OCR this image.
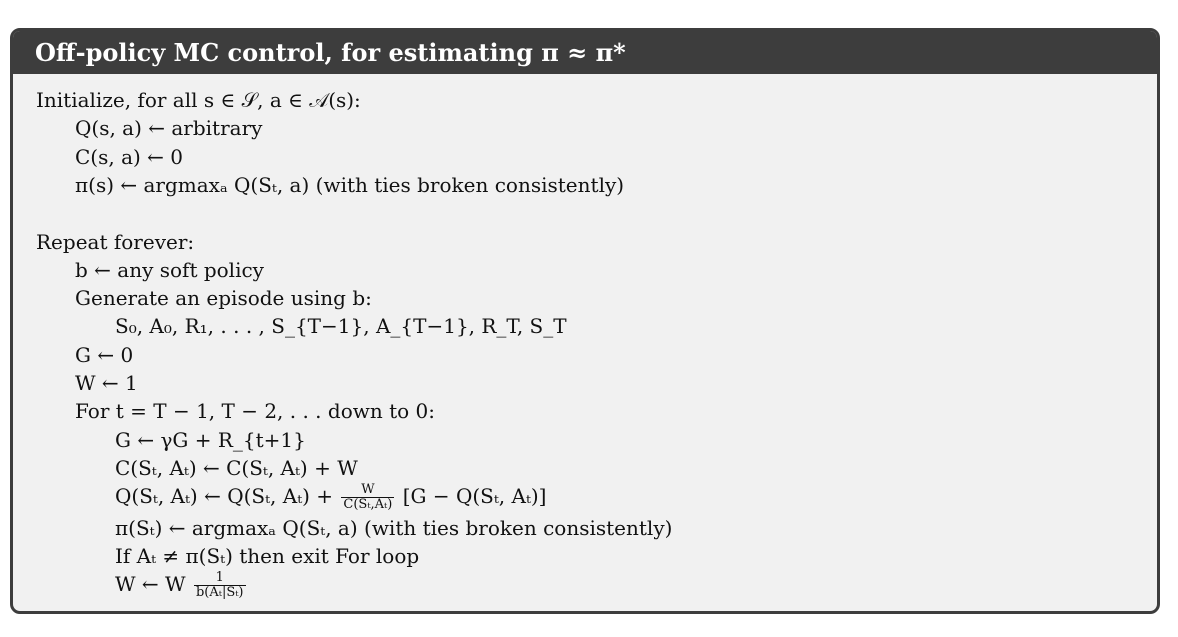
Off-policy MC control, for estimating π ≈ π*
Initialize, for all s ∈ 𝒮, a ∈ 𝒜(s):
Q(s, a) ← arbitrary
C(s, a) ← 0
π(s) ← argmaxₐ Q(Sₜ, a) (with ties broken consistently)
Repeat forever:
b ← any soft policy
Generate an episode using b:
S₀, A₀, R₁, . . . , S_{T−1}, A_{T−1}, R_T, S_T
G ← 0
W ← 1
For t = T − 1, T − 2, . . . down to 0:
G ← γG + R_{t+1}
C(Sₜ, Aₜ) ← C(Sₜ, Aₜ) + W
Q(Sₜ, Aₜ) ← Q(Sₜ, $A_t) + \frac{W}{\text{C(Sₜ,Aₜ)}} [G - Q(S_t$, Aₜ)]
π(Sₜ) ← argmaxₐ Q(Sₜ, a) (with ties broken consistently)
If Aₜ ≠ π(Sₜ) then exit For loop
W ← W $\frac{1}{\text{b(Aₜ|Sₜ)}}$
